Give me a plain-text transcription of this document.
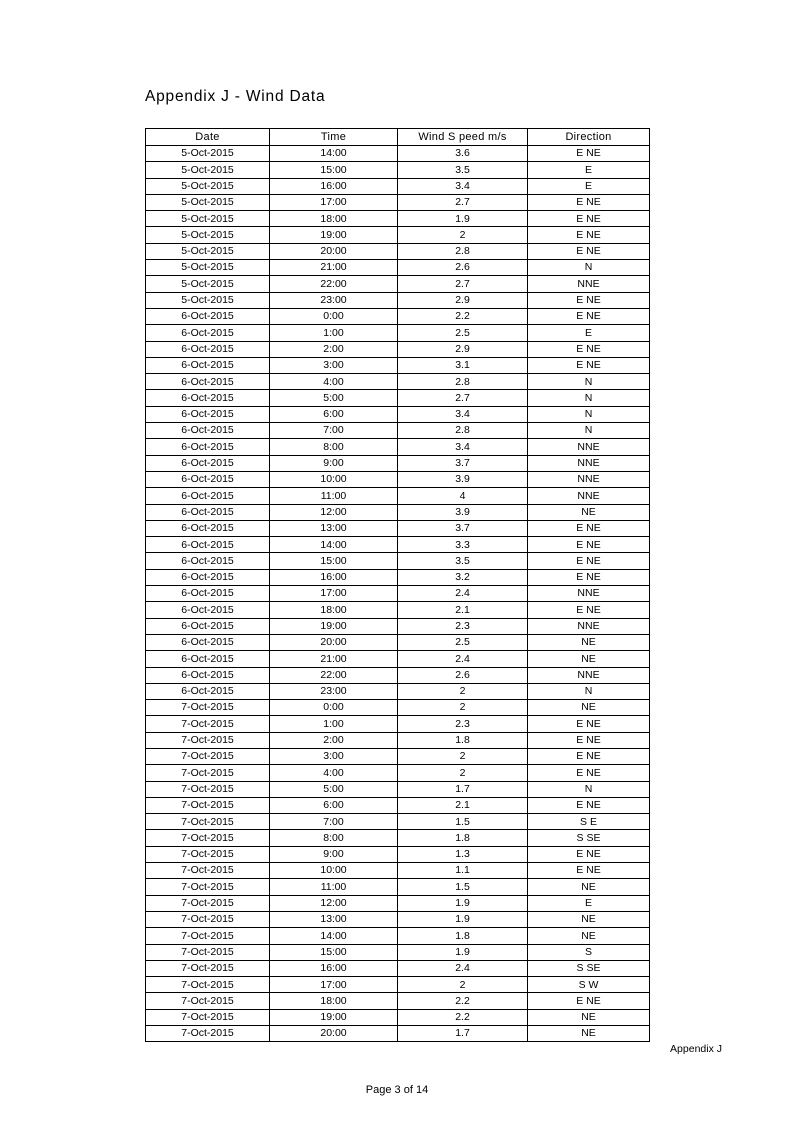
Appendix J - Wind Data
Date	Time	Wind S peed m/s	Direction
5-Oct-2015	14:00	3.6	E NE
5-Oct-2015	15:00	3.5	E
5-Oct-2015	16:00	3.4	E
5-Oct-2015	17:00	2.7	E NE
5-Oct-2015	18:00	1.9	E NE
5-Oct-2015	19:00	2	E NE
5-Oct-2015	20:00	2.8	E NE
5-Oct-2015	21:00	2.6	N
5-Oct-2015	22:00	2.7	NNE
5-Oct-2015	23:00	2.9	E NE
6-Oct-2015	0:00	2.2	E NE
6-Oct-2015	1:00	2.5	E
6-Oct-2015	2:00	2.9	E NE
6-Oct-2015	3:00	3.1	E NE
6-Oct-2015	4:00	2.8	N
6-Oct-2015	5:00	2.7	N
6-Oct-2015	6:00	3.4	N
6-Oct-2015	7:00	2.8	N
6-Oct-2015	8:00	3.4	NNE
6-Oct-2015	9:00	3.7	NNE
6-Oct-2015	10:00	3.9	NNE
6-Oct-2015	11:00	4	NNE
6-Oct-2015	12:00	3.9	NE
6-Oct-2015	13:00	3.7	E NE
6-Oct-2015	14:00	3.3	E NE
6-Oct-2015	15:00	3.5	E NE
6-Oct-2015	16:00	3.2	E NE
6-Oct-2015	17:00	2.4	NNE
6-Oct-2015	18:00	2.1	E NE
6-Oct-2015	19:00	2.3	NNE
6-Oct-2015	20:00	2.5	NE
6-Oct-2015	21:00	2.4	NE
6-Oct-2015	22:00	2.6	NNE
6-Oct-2015	23:00	2	N
7-Oct-2015	0:00	2	NE
7-Oct-2015	1:00	2.3	E NE
7-Oct-2015	2:00	1.8	E NE
7-Oct-2015	3:00	2	E NE
7-Oct-2015	4:00	2	E NE
7-Oct-2015	5:00	1.7	N
7-Oct-2015	6:00	2.1	E NE
7-Oct-2015	7:00	1.5	S E
7-Oct-2015	8:00	1.8	S SE
7-Oct-2015	9:00	1.3	E NE
7-Oct-2015	10:00	1.1	E NE
7-Oct-2015	11:00	1.5	NE
7-Oct-2015	12:00	1.9	E
7-Oct-2015	13:00	1.9	NE
7-Oct-2015	14:00	1.8	NE
7-Oct-2015	15:00	1.9	S
7-Oct-2015	16:00	2.4	S SE
7-Oct-2015	17:00	2	S W
7-Oct-2015	18:00	2.2	E NE
7-Oct-2015	19:00	2.2	NE
7-Oct-2015	20:00	1.7	NE
Appendix J
Page 3 of 14
